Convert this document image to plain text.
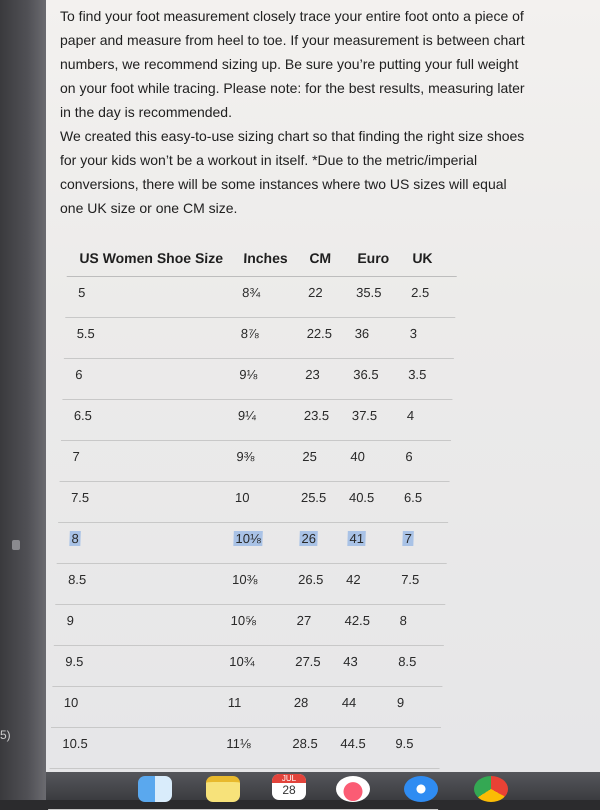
5)

To find your foot measurement closely trace your entire foot onto a piece of paper and measure from heel to toe. If your measurement is between chart numbers, we recommend sizing up. Be sure you’re putting your full weight on your foot while tracing. Please note: for the best results, measuring later in the day is recommended.

We created this easy-to-use sizing chart so that finding the right size shoes for your kids won’t be a workout in itself. *Due to the metric/imperial conversions, there will be some instances where two US sizes will equal one UK size or one CM size.

US Women Shoe Size Inches CM Euro UK
5	8¾	22	35.5 2.5
5.5	8⅞	22.5 36	3
6	9⅛	23	36.5 3.5
6.5	9¼	23.5 37.5 4
7	9⅜	25	40	6
7.5	10	25.5 40.5 6.5
8	10⅛	26	41	7
8.5	10⅜	26.5 42	7.5
9	10⅝	27	42.5 8
9.5	10¾	27.5 43	8.5
10	11	28	44	9
10.5	11⅛	28.5 44.5 9.5
JUL
28
